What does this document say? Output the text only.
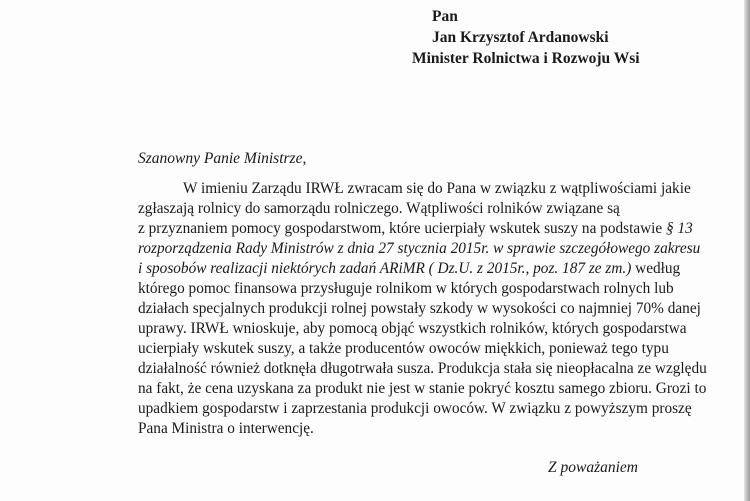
Pan
Jan Krzysztof Ardanowski
Minister Rolnictwa i Rozwoju Wsi
Szanowny Panie Ministrze,
W imieniu Zarządu IRWŁ zwracam się do Pana w związku z wątpliwościami jakie
zgłaszają rolnicy do samorządu rolniczego. Wątpliwości rolników związane są
z przyznaniem pomocy gospodarstwom, które ucierpiały wskutek suszy na podstawie § 13
rozporządzenia Rady Ministrów z dnia 27 stycznia 2015r. w sprawie szczegółowego zakresu
i sposobów realizacji niektórych zadań ARiMR ( Dz.U. z 2015r., poz. 187 ze zm.) według
którego pomoc finansowa przysługuje rolnikom w których gospodarstwach rolnych lub
działach specjalnych produkcji rolnej powstały szkody w wysokości co najmniej 70% danej
uprawy. IRWŁ wnioskuje, aby pomocą objąć wszystkich rolników, których gospodarstwa
ucierpiały wskutek suszy, a także producentów owoców miękkich, ponieważ tego typu
działalność również dotknęła długotrwała susza. Produkcja stała się nieopłacalna ze względu
na fakt, że cena uzyskana za produkt nie jest w stanie pokryć kosztu samego zbioru. Grozi to
upadkiem gospodarstw i zaprzestania produkcji owoców. W związku z powyższym proszę
Pana Ministra o interwencję.
Z poważaniem
